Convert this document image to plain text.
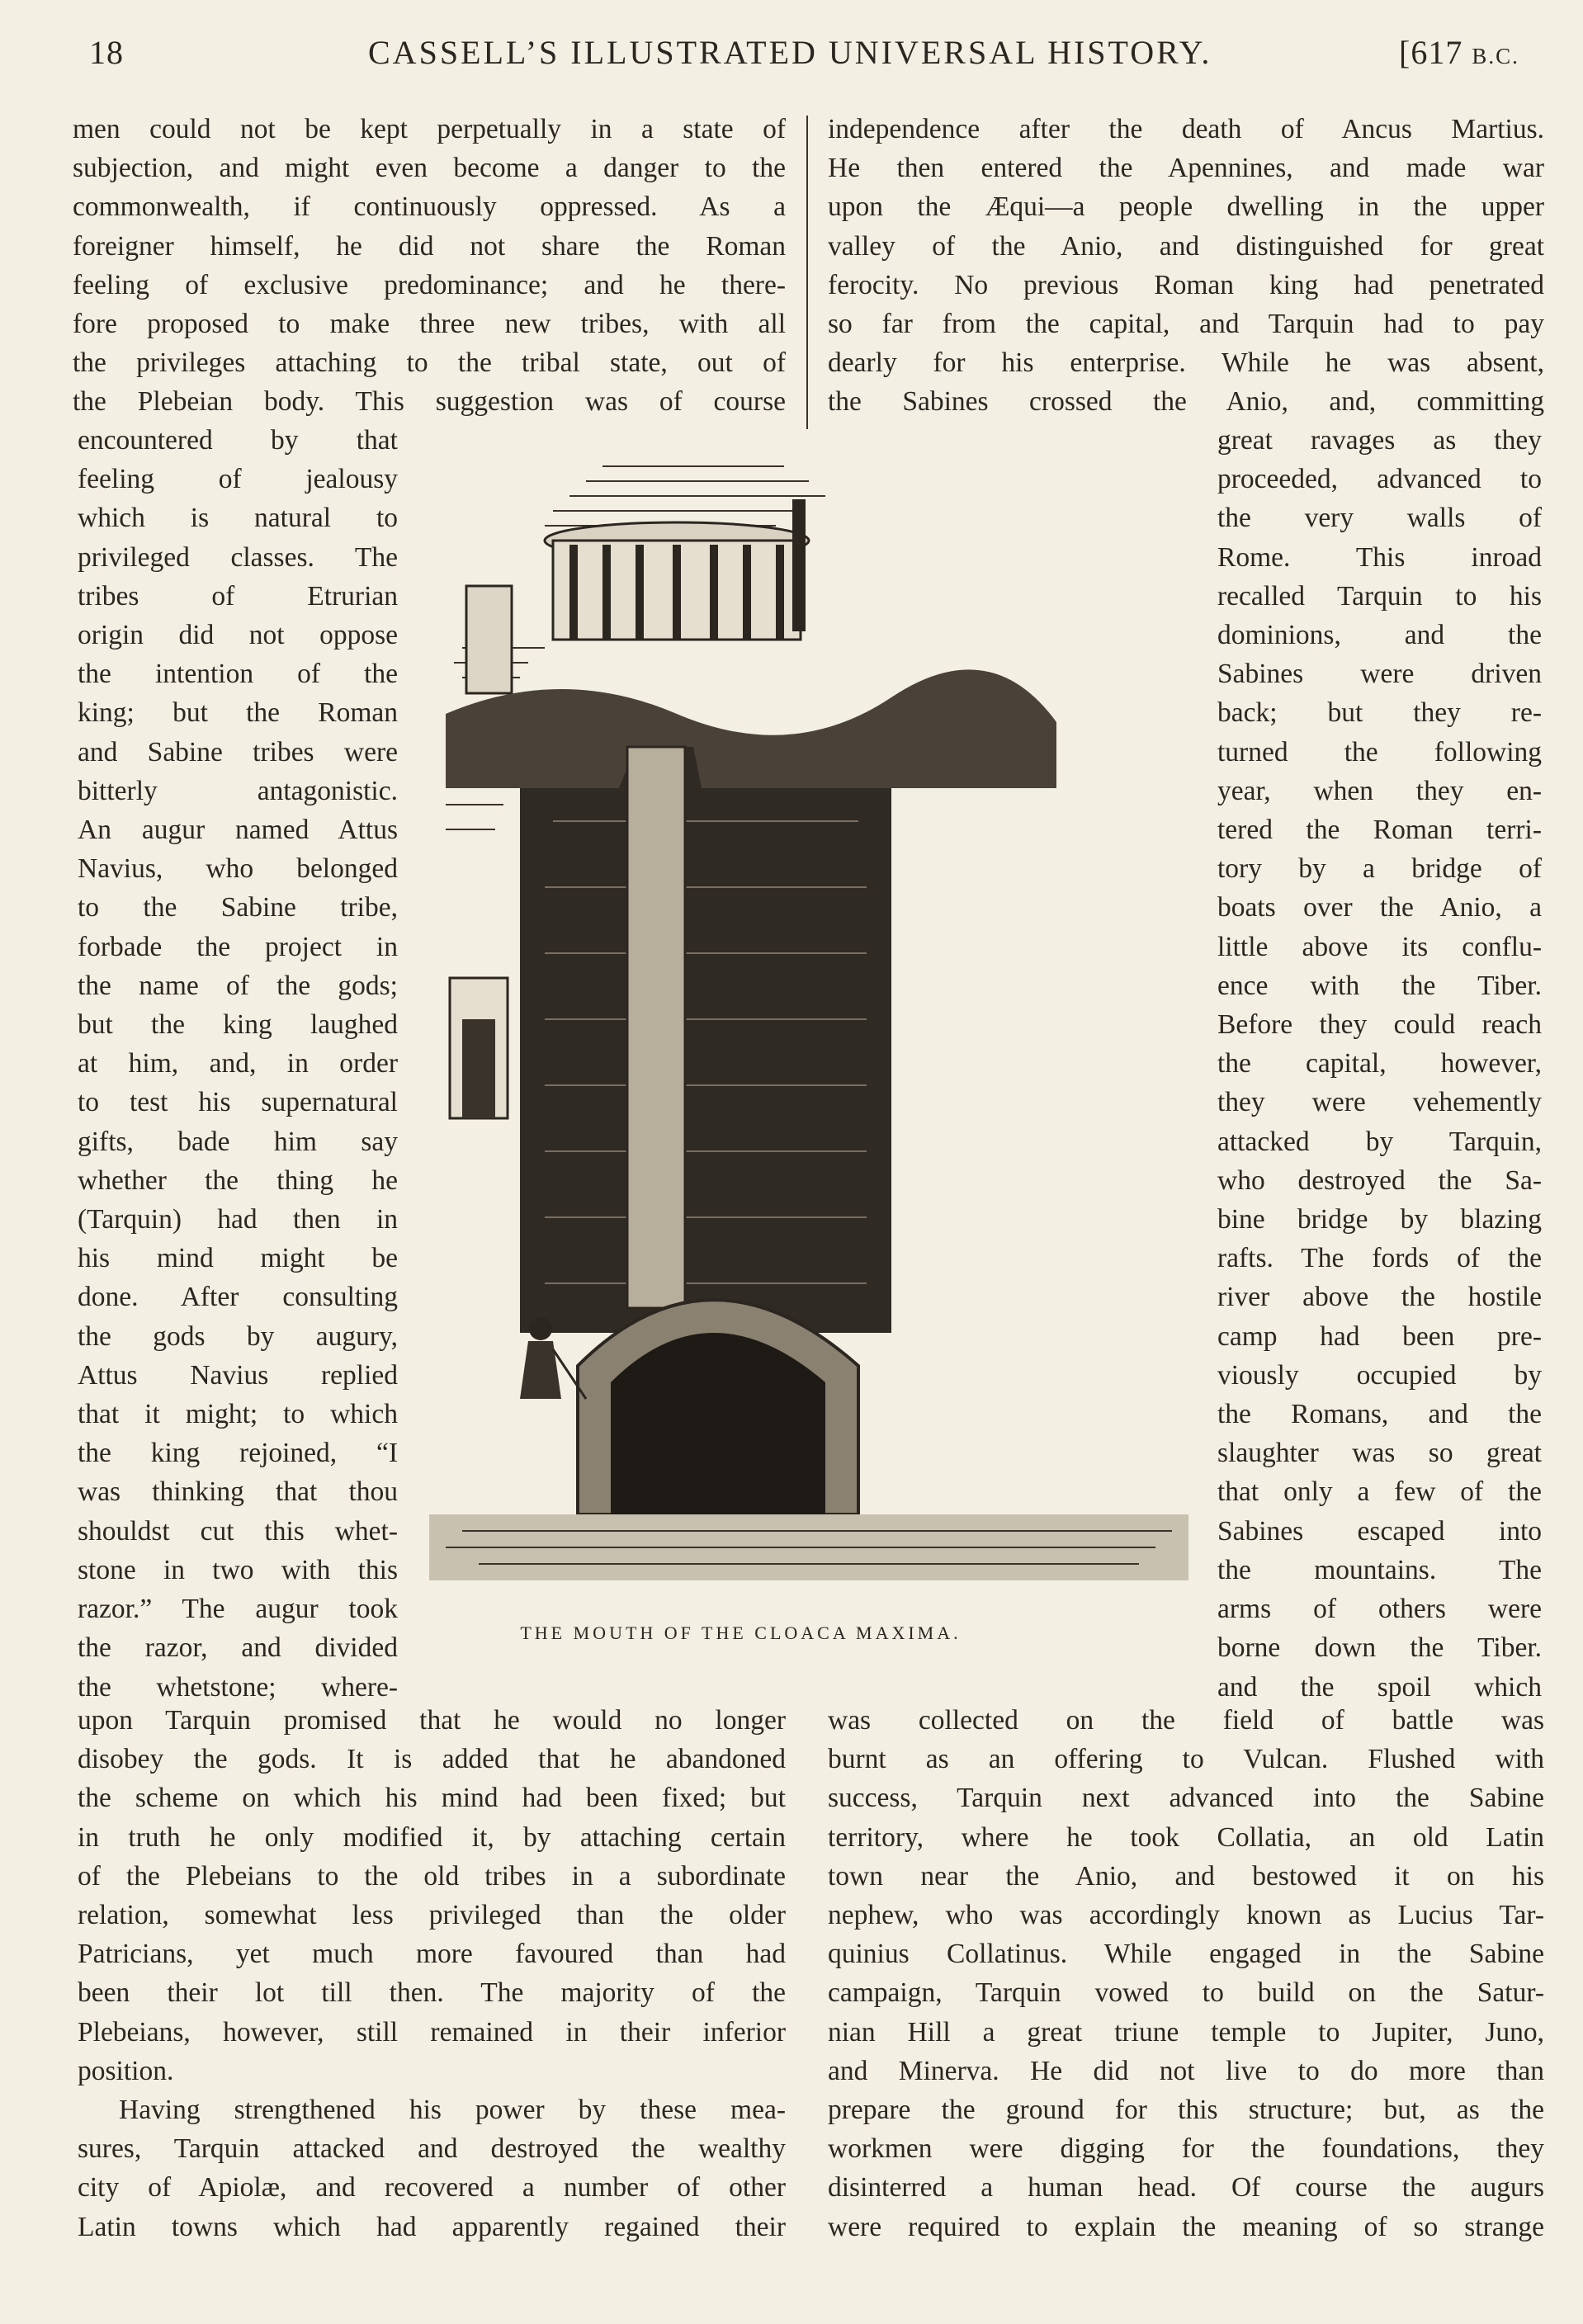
18	CASSELL’S ILLUSTRATED UNIVERSAL HISTORY.	[617 B.C.
men could not be kept perpetually in a state of
subjection, and might even become a danger to the
commonwealth, if continuously oppressed. As a
foreigner himself, he did not share the Roman
feeling of exclusive predominance; and he there-
fore proposed to make three new tribes, with all
the privileges attaching to the tribal state, out of
the Plebeian body. This suggestion was of course
encountered by that
feeling of jealousy
which is natural to
privileged classes. The
tribes of Etrurian
origin did not oppose
the intention of the
king; but the Roman
and Sabine tribes were
bitterly antagonistic.
An augur named Attus
Navius, who belonged
to the Sabine tribe,
forbade the project in
the name of the gods;
but the king laughed
at him, and, in order
to test his supernatural
gifts, bade him say
whether the thing he
(Tarquin) had then in
his mind might be
done. After consulting
the gods by augury,
Attus Navius replied
that it might; to which
the king rejoined, “I
was thinking that thou
shouldst cut this whet-
stone in two with this
razor.” The augur took
the razor, and divided
the whetstone; where-
upon Tarquin promised that he would no longer
disobey the gods. It is added that he abandoned
the scheme on which his mind had been fixed; but
in truth he only modified it, by attaching certain
of the Plebeians to the old tribes in a subordinate
relation, somewhat less privileged than the older
Patricians, yet much more favoured than had
been their lot till then. The majority of the
Plebeians, however, still remained in their inferior
position.
Having strengthened his power by these mea-
sures, Tarquin attacked and destroyed the wealthy
city of Apiolæ, and recovered a number of other
Latin towns which had apparently regained their
independence after the death of Ancus Martius.
He then entered the Apennines, and made war
upon the Æqui—a people dwelling in the upper
valley of the Anio, and distinguished for great
ferocity. No previous Roman king had penetrated
so far from the capital, and Tarquin had to pay
dearly for his enterprise. While he was absent,
the Sabines crossed the Anio, and, committing
great ravages as they
proceeded, advanced to
the very walls of
Rome. This inroad
recalled Tarquin to his
dominions, and the
Sabines were driven
back; but they re-
turned the following
year, when they en-
tered the Roman terri-
tory by a bridge of
boats over the Anio, a
little above its conflu-
ence with the Tiber.
Before they could reach
the capital, however,
they were vehemently
attacked by Tarquin,
who destroyed the Sa-
bine bridge by blazing
rafts. The fords of the
river above the hostile
camp had been pre-
viously occupied by
the Romans, and the
slaughter was so great
that only a few of the
Sabines escaped into
the mountains. The
arms of others were
borne down the Tiber.
and the spoil which
was collected on the field of battle was
burnt as an offering to Vulcan. Flushed with
success, Tarquin next advanced into the Sabine
territory, where he took Collatia, an old Latin
town near the Anio, and bestowed it on his
nephew, who was accordingly known as Lucius Tar-
quinius Collatinus. While engaged in the Sabine
campaign, Tarquin vowed to build on the Satur-
nian Hill a great triune temple to Jupiter, Juno,
and Minerva. He did not live to do more than
prepare the ground for this structure; but, as the
workmen were digging for the foundations, they
disinterred a human head. Of course the augurs
were required to explain the meaning of so strange
THE MOUTH OF THE CLOACA MAXIMA.
